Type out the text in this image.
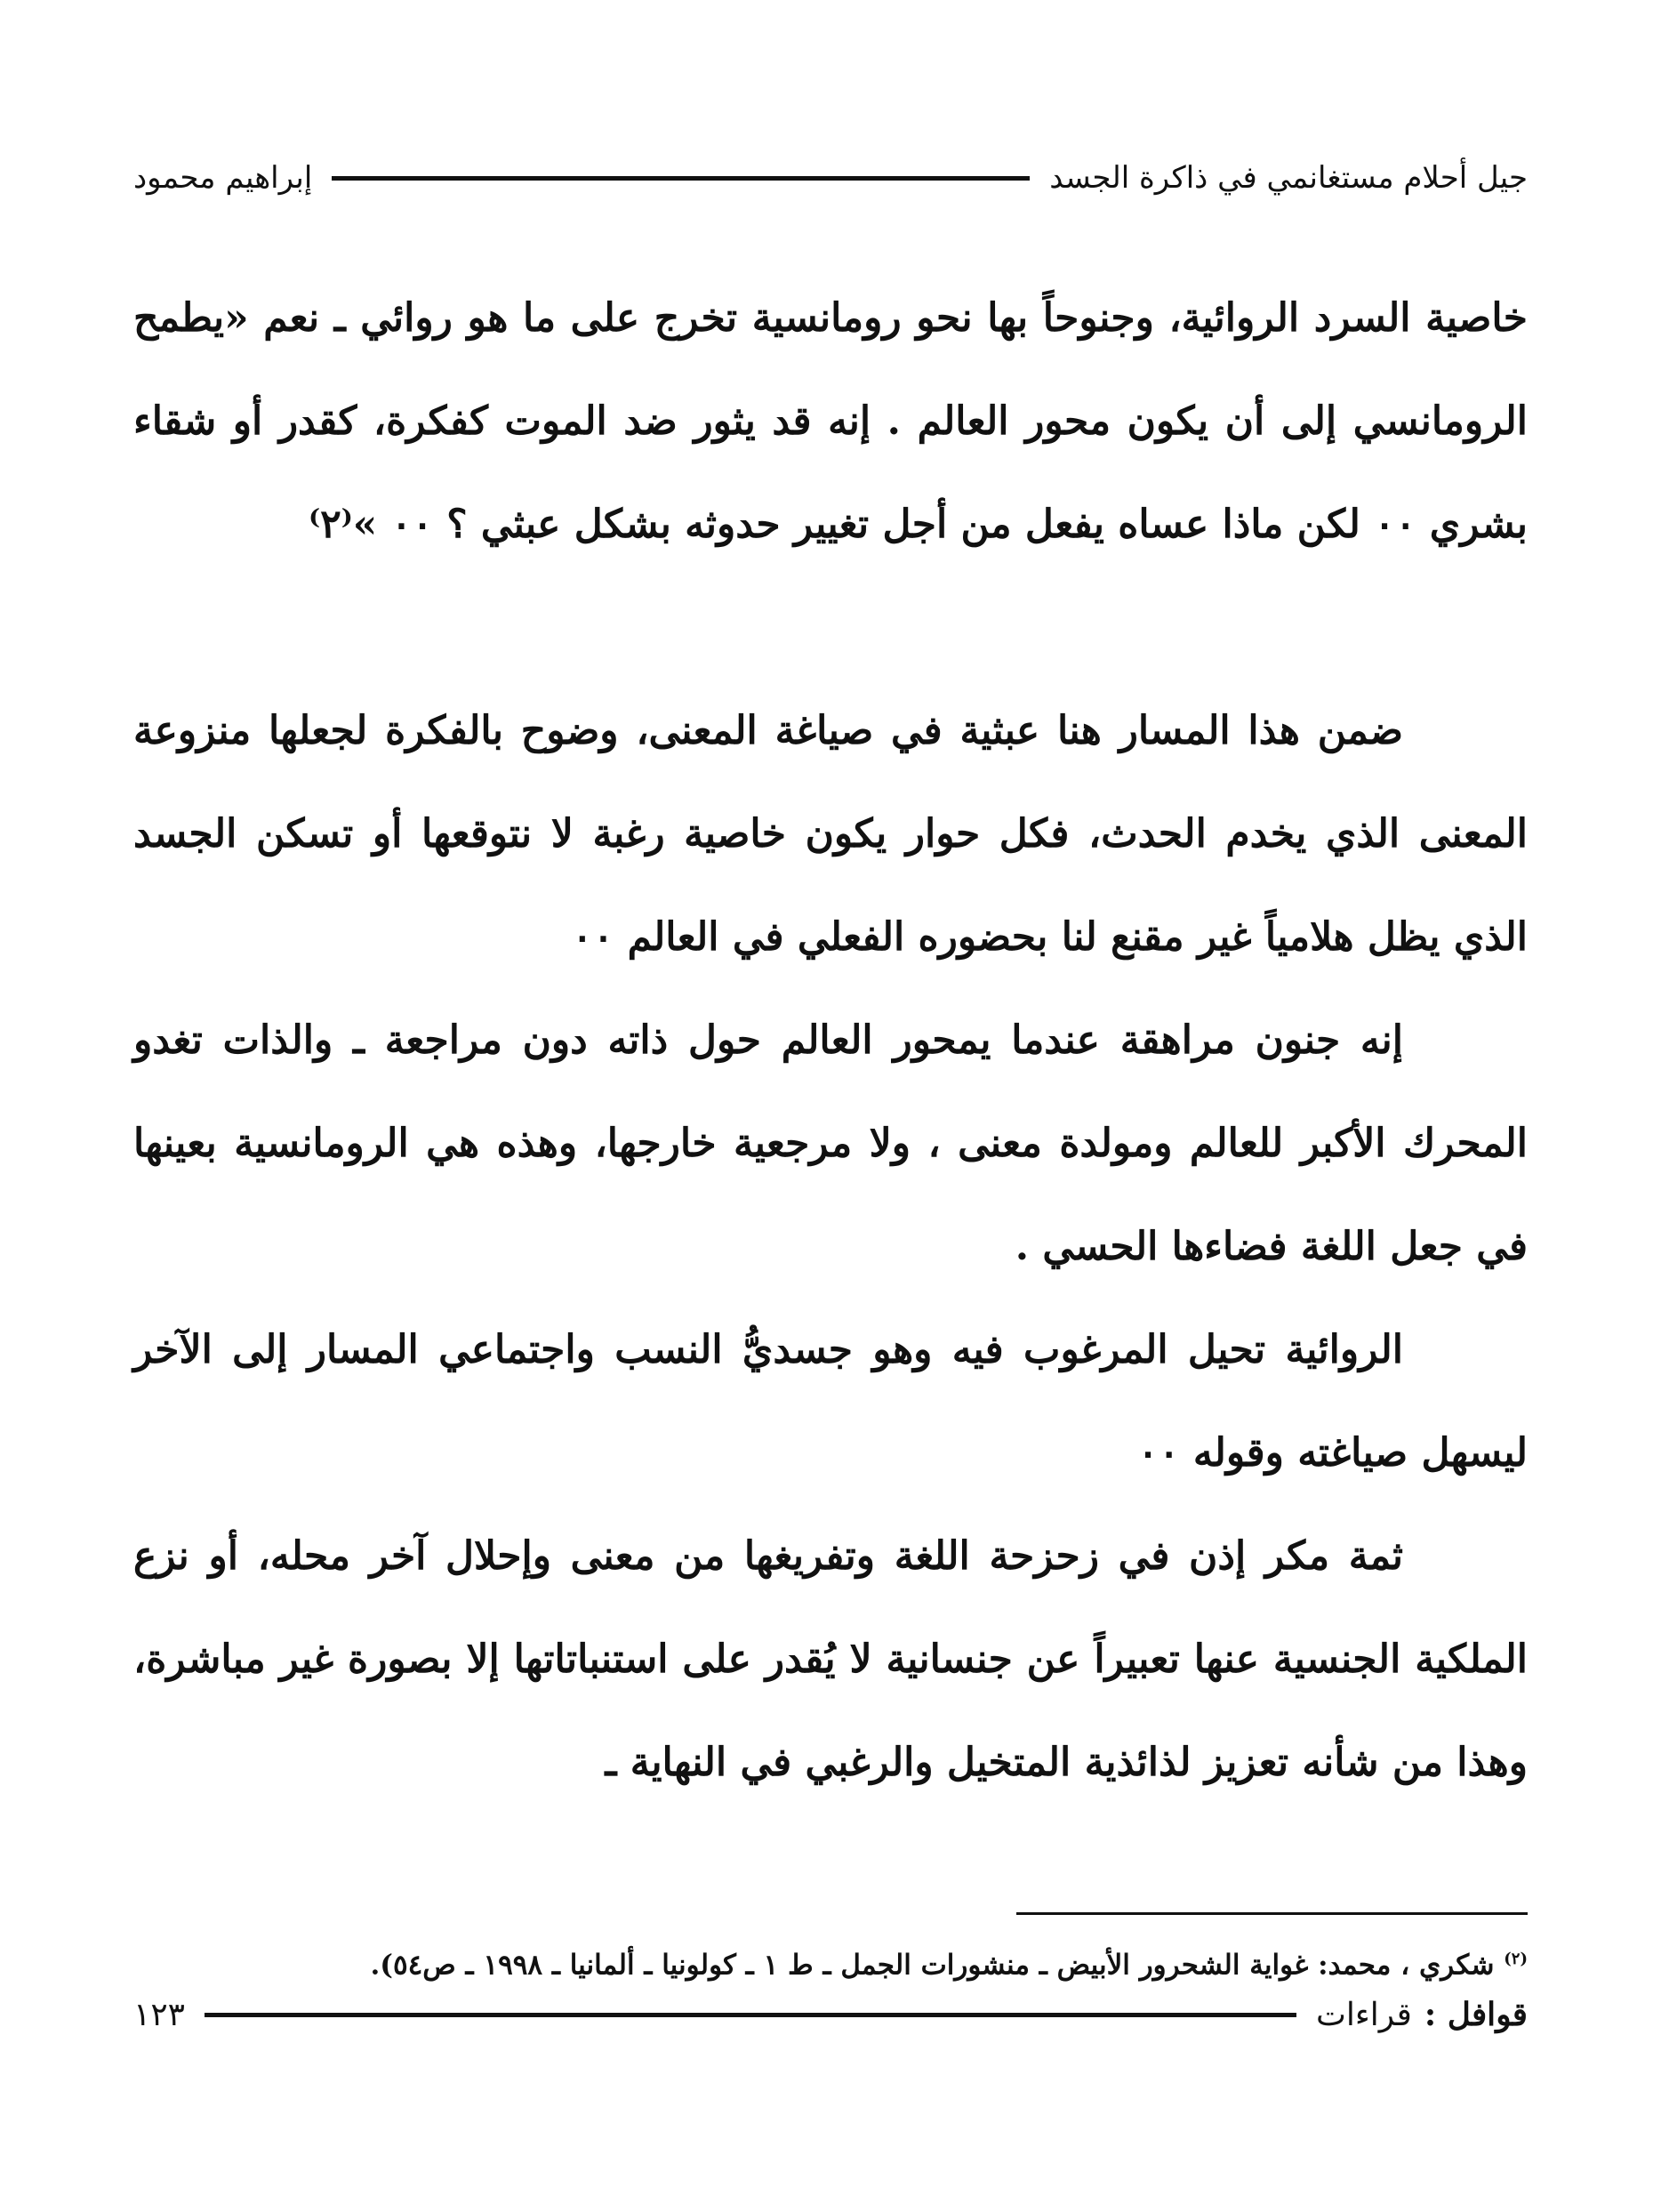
جيل أحلام مستغانمي في ذاكرة الجسد
إبراهيم محمود

خاصية السرد الروائية، وجنوحاً بها نحو رومانسية تخرج على ما هو روائي ـ نعم «يطمح الرومانسي إلى أن يكون محور العالم . إنه قد يثور ضد الموت كفكرة، كقدر أو شقاء بشري ٠٠ لكن ماذا عساه يفعل من أجل تغيير حدوثه بشكل عبثي ؟ ٠٠ »⁽٢⁾

ضمن هذا المسار هنا عبثية في صياغة المعنى، وضوح بالفكرة لجعلها منزوعة المعنى الذي يخدم الحدث، فكل حوار يكون خاصية رغبة لا نتوقعها أو تسكن الجسد الذي يظل هلامياً غير مقنع لنا بحضوره الفعلي في العالم ٠٠

إنه جنون مراهقة عندما يمحور العالم حول ذاته دون مراجعة ـ والذات تغدو المحرك الأكبر للعالم ومولدة معنى ، ولا مرجعية خارجها، وهذه هي الرومانسية بعينها في جعل اللغة فضاءها الحسي .

الروائية تحيل المرغوب فيه وهو جسديُّ النسب واجتماعي المسار إلى الآخر ليسهل صياغته وقوله ٠٠

ثمة مكر إذن في زحزحة اللغة وتفريغها من معنى وإحلال آخر محله، أو نزع الملكية الجنسية عنها تعبيراً عن جنسانية لا يُقدر على استنباتاتها إلا بصورة غير مباشرة، وهذا من شأنه تعزيز لذائذية المتخيل والرغبي في النهاية ـ

$^{(٢)}$ شكري ، محمد: غواية الشحرور الأبيض ـ منشورات الجمل ـ ط ١ ـ كولونيا ـ ألمانيا ـ ١٩٩٨ ـ ص٥٤).
قوافل :
قراءات
١٢٣
